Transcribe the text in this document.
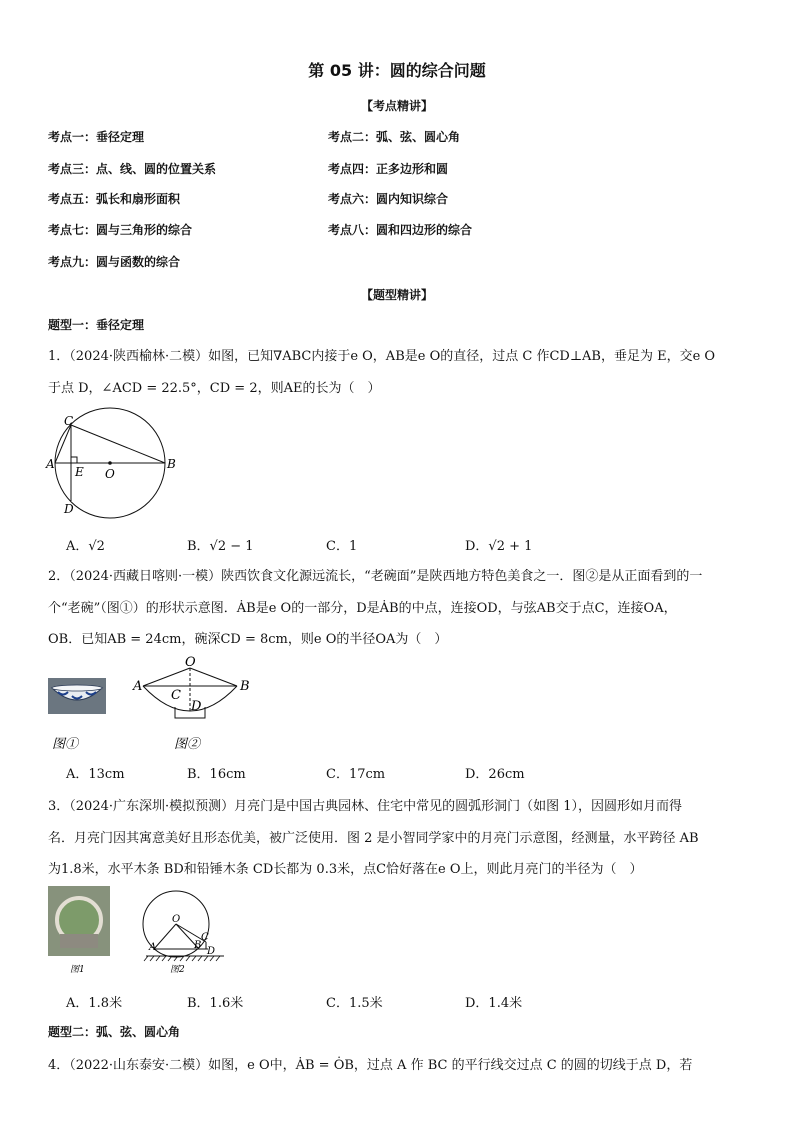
第 05 讲：圆的综合问题
【考点精讲】
考点一：垂径定理	考点二：弧、弦、圆心角
考点三：点、线、圆的位置关系	考点四：正多边形和圆
考点五：弧长和扇形面积	考点六：圆内知识综合
考点七：圆与三角形的综合	考点八：圆和四边形的综合
考点九：圆与函数的综合
【题型精讲】
题型一：垂径定理
1．（2024·陕西榆林·二模）如图，已知∇ABC内接于e O，AB是e O的直径，过点 C 作CD⊥AB，垂足为 E，交e O
于点 D，∠ACD = 22.5°，CD = 2，则AE的长为（　）
C
A
E O
B
D
A．√2	B．√2 − 1	C．1	D．√2 + 1
2．（2024·西藏日喀则·一模）陕西饮食文化源远流长，“老碗面”是陕西地方特色美食之一．图②是从正面看到的一
个“老碗”（图①）的形状示意图．ȦB是e O的一部分，D是ȦB的中点，连接OD，与弦AB交于点C，连接OA，
OB．已知AB = 24cm，碗深CD = 8cm，则e O的半径OA为（　）
O
A	B
C
D
图①	图②
A．13cm	B．16cm	C．17cm	D．26cm
3．（2024·广东深圳·模拟预测）月亮门是中国古典园林、住宅中常见的圆弧形洞门（如图 1），因圆形如月而得
名．月亮门因其寓意美好且形态优美，被广泛使用．图 2 是小智同学家中的月亮门示意图，经测量，水平跨径 AB
为1.8米，水平木条 BD和铅锤木条 CD长都为 0.3米，点C恰好落在e O上，则此月亮门的半径为（　）
O
A	B
C
D
图1	图2
A．1.8米	B．1.6米	C．1.5米	D．1.4米
题型二：弧、弦、圆心角
4．（2022·山东泰安·二模）如图，e O中，ȦB = ȮB，过点 A 作 BC 的平行线交过点 C 的圆的切线于点 D，若
